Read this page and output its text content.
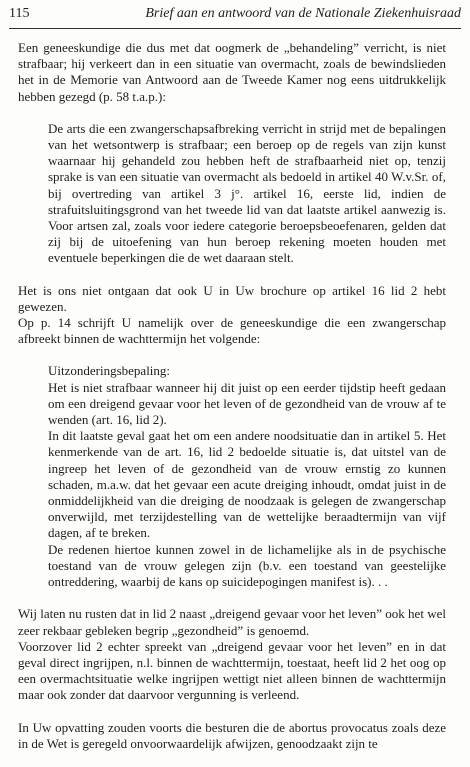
115	Brief aan en antwoord van de Nationale Ziekenhuisraad

Een geneeskundige die dus met dat oogmerk de „behandeling” verricht, is niet strafbaar; hij verkeert dan in een situatie van overmacht, zoals de bewindslieden het in de Memorie van Antwoord aan de Tweede Kamer nog eens uitdrukkelijk hebben gezegd (p. 58 t.a.p.):

De arts die een zwangerschapsafbreking verricht in strijd met de bepalingen van het wetsontwerp is strafbaar; een beroep op de regels van zijn kunst waarnaar hij gehandeld zou hebben heft de strafbaarheid niet op, tenzij sprake is van een situatie van overmacht als bedoeld in artikel 40 W.v.Sr. of, bij overtreding van artikel 3 j°. artikel 16, eerste lid, indien de strafuitsluitingsgrond van het tweede lid van dat laatste artikel aanwezig is. Voor artsen zal, zoals voor iedere categorie beroepsbeoefenaren, gelden dat zij bij de uitoefening van hun beroep rekening moeten houden met eventuele beperkingen die de wet daaraan stelt.

Het is ons niet ontgaan dat ook U in Uw brochure op artikel 16 lid 2 hebt gewezen.

Op p. 14 schrijft U namelijk over de geneeskundige die een zwangerschap afbreekt binnen de wachttermijn het volgende:

Uitzonderingsbepaling:

Het is niet strafbaar wanneer hij dit juist op een eerder tijdstip heeft gedaan om een dreigend gevaar voor het leven of de gezondheid van de vrouw af te wenden (art. 16, lid 2).

In dit laatste geval gaat het om een andere noodsituatie dan in artikel 5. Het kenmerkende van de art. 16, lid 2 bedoelde situatie is, dat uitstel van de ingreep het leven of de gezondheid van de vrouw ernstig zo kunnen schaden, m.a.w. dat het gevaar een acute dreiging inhoudt, omdat juist in de onmiddelijkheid van die dreiging de noodzaak is gelegen de zwangerschap onverwijld, met terzijdestelling van de wettelijke beraadtermijn van vijf dagen, af te breken.

De redenen hiertoe kunnen zowel in de lichamelijke als in de psychische toestand van de vrouw gelegen zijn (b.v. een toestand van geestelijke ontreddering, waarbij de kans op suicidepogingen manifest is). . .

Wij laten nu rusten dat in lid 2 naast „dreigend gevaar voor het leven” ook het wel zeer rekbaar gebleken begrip „gezondheid” is genoemd.

Voorzover lid 2 echter spreekt van „dreigend gevaar voor het leven” en in dat geval direct ingrijpen, n.l. binnen de wachttermijn, toestaat, heeft lid 2 het oog op een overmachtsituatie welke ingrijpen wettigt niet alleen binnen de wachttermijn maar ook zonder dat daarvoor vergunning is verleend.

In Uw opvatting zouden voorts die besturen die de abortus provocatus zoals deze in de Wet is geregeld onvoorwaardelijk afwijzen, genoodzaakt zijn te
